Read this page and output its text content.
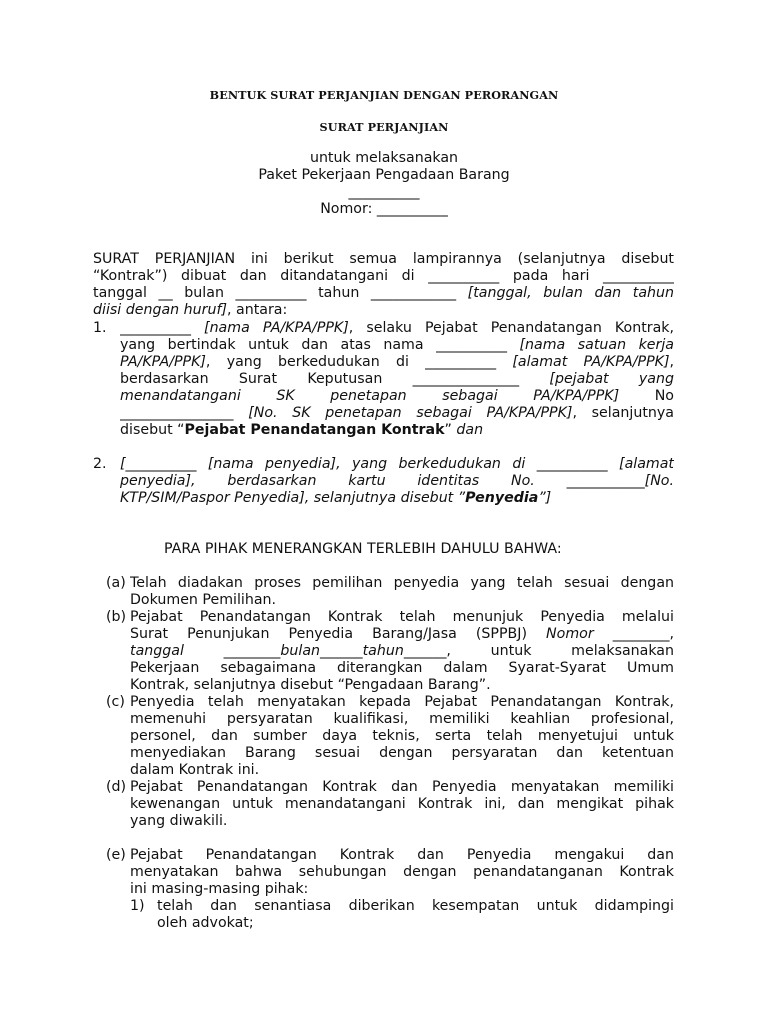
BENTUK SURAT PERJANJIAN DENGAN PERORANGAN
SURAT PERJANJIAN
untuk melaksanakan
Paket Pekerjaan Pengadaan Barang
__________
Nomor: __________
SURAT PERJANJIAN ini berikut semua lampirannya (selanjutnya disebut
“Kontrak”) dibuat dan ditandatangani di __________ pada hari __________
tanggal __ bulan __________ tahun ____________ [tanggal, bulan dan tahun
diisi dengan huruf], antara:
1. __________ [nama PA/KPA/PPK], selaku Pejabat Penandatangan Kontrak,
yang bertindak untuk dan atas nama __________ [nama satuan kerja
PA/KPA/PPK], yang berkedudukan di __________ [alamat PA/KPA/PPK],
berdasarkan Surat Keputusan _______________ [pejabat yang
menandatangani SK penetapan sebagai PA/KPA/PPK] No
________________ [No. SK penetapan sebagai PA/KPA/PPK], selanjutnya
disebut “Pejabat Penandatangan Kontrak” dan
2. [__________ [nama penyedia], yang berkedudukan di __________ [alamat
penyedia], berdasarkan kartu identitas No. ___________[No.
KTP/SIM/Paspor Penyedia], selanjutnya disebut ”Penyedia”]
PARA PIHAK MENERANGKAN TERLEBIH DAHULU BAHWA:
(a) Telah diadakan proses pemilihan penyedia yang telah sesuai dengan
Dokumen Pemilihan.
(b) Pejabat Penandatangan Kontrak telah menunjuk Penyedia melalui
Surat Penunjukan Penyedia Barang/Jasa (SPPBJ) Nomor ________,
tanggal ________bulan______tahun______, untuk melaksanakan
Pekerjaan sebagaimana diterangkan dalam Syarat-Syarat Umum
Kontrak, selanjutnya disebut “Pengadaan Barang”.
(c) Penyedia telah menyatakan kepada Pejabat Penandatangan Kontrak,
memenuhi persyaratan kualifikasi, memiliki keahlian profesional,
personel, dan sumber daya teknis, serta telah menyetujui untuk
menyediakan Barang sesuai dengan persyaratan dan ketentuan
dalam Kontrak ini.
(d) Pejabat Penandatangan Kontrak dan Penyedia menyatakan memiliki
kewenangan untuk menandatangani Kontrak ini, dan mengikat pihak
yang diwakili.
(e) Pejabat Penandatangan Kontrak dan Penyedia mengakui dan
menyatakan bahwa sehubungan dengan penandatanganan Kontrak
ini masing-masing pihak:
1) telah dan senantiasa diberikan kesempatan untuk didampingi
oleh advokat;
